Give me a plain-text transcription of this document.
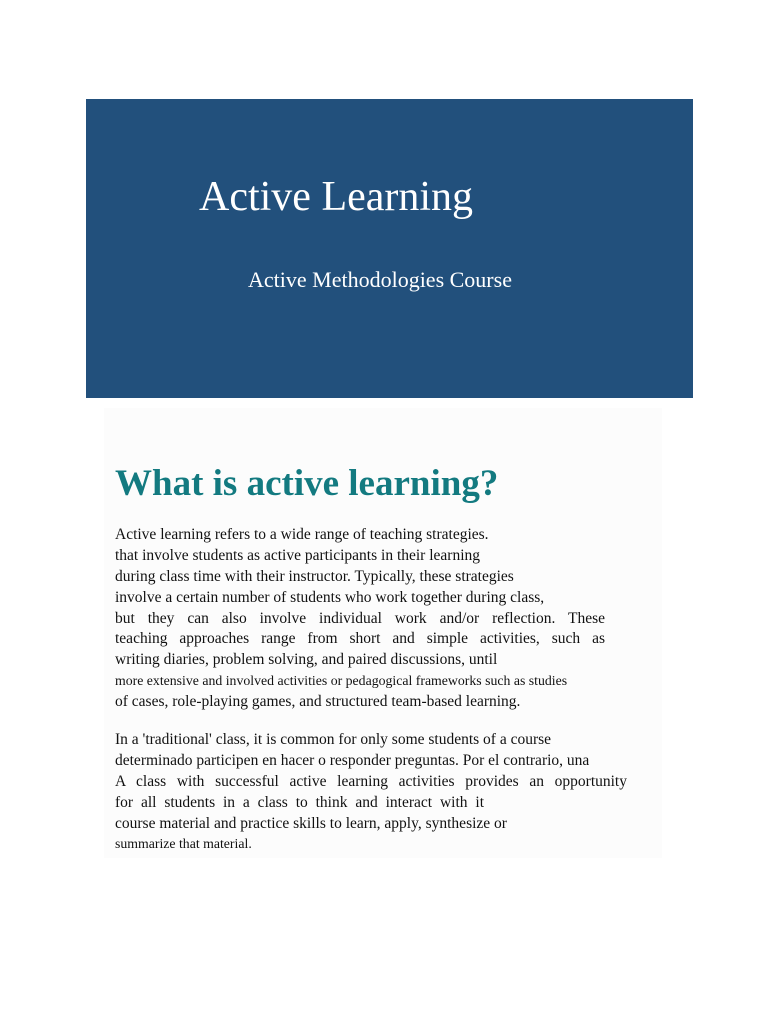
Active Learning
Active Methodologies Course
What is active learning?
Active learning refers to a wide range of teaching strategies.
that involve students as active participants in their learning
during class time with their instructor. Typically, these strategies
involve a certain number of students who work together during class,
but they can also involve individual work and/or reflection. These
teaching approaches range from short and simple activities, such as
writing diaries, problem solving, and paired discussions, until
more extensive and involved activities or pedagogical frameworks such as studies
of cases, role-playing games, and structured team-based learning.
In a 'traditional' class, it is common for only some students of a course
determinado participen en hacer o responder preguntas. Por el contrario, una
A class with successful active learning activities provides an opportunity
for all students in a class to think and interact with it
course material and practice skills to learn, apply, synthesize or
summarize that material.
